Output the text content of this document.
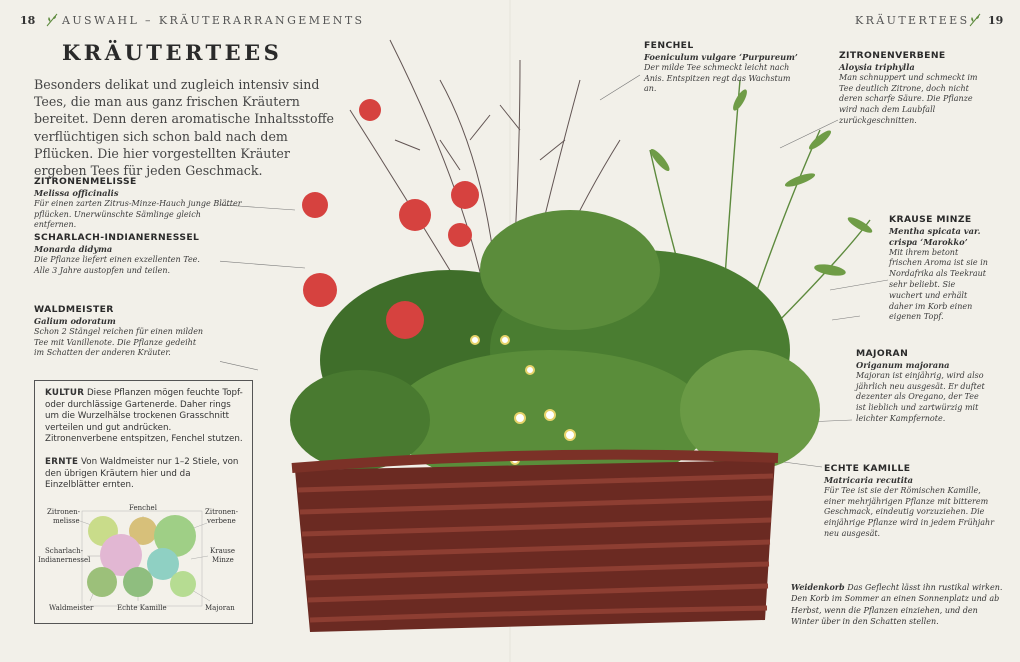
18 AUSWAHL – KRÄUTERARRANGEMENTS	KRÄUTERTEES 19
KRÄUTERTEES

Besonders delikat und zugleich intensiv sind Tees, die man aus ganz frischen Kräutern bereitet. Denn deren aromatische Inhaltsstoffe verflüchtigen sich schon bald nach dem Pflücken. Die hier vorgestellten Kräuter ergeben Tees für jeden Geschmack.

ZITRONENMELISSE
Melissa officinalis
Für einen zarten Zitrus-Minze-Hauch junge Blätter pflücken. Unerwünschte Sämlinge gleich entfernen.
SCHARLACH-INDIANERNESSEL
Monarda didyma
Die Pflanze liefert einen exzellenten Tee. Alle 3 Jahre austopfen und teilen.
WALDMEISTER
Galium odoratum
Schon 2 Stängel reichen für einen milden Tee mit Vanillenote. Die Pflanze gedeiht im Schatten der anderen Kräuter.
FENCHEL
Foeniculum vulgare ‘Purpureum’
Der milde Tee schmeckt leicht nach Anis. Entspitzen regt das Wachstum an.
ZITRONENVERBENE
Aloysia triphylla
Man schnuppert und schmeckt im Tee deutlich Zitrone, doch nicht deren scharfe Säure. Die Pflanze wird nach dem Laubfall zurückgeschnitten.
KRAUSE MINZE
Mentha spicata var. crispa ‘Marokko’
Mit ihrem betont frischen Aroma ist sie in Nordafrika als Teekraut sehr beliebt. Sie wuchert und erhält daher im Korb einen eigenen Topf.
MAJORAN
Origanum majorana
Majoran ist einjährig, wird also jährlich neu ausgesät. Er duftet dezenter als Oregano, der Tee ist lieblich und zartwürzig mit leichter Kampfernote.
ECHTE KAMILLE
Matricaria recutita
Für Tee ist sie der Römischen Kamille, einer mehrjährigen Pflanze mit bitterem Geschmack, eindeutig vorzuziehen. Die einjährige Pflanze wird in jedem Frühjahr neu ausgesät.

KULTUR Diese Pflanzen mögen feuchte Topf- oder durchlässige Gartenerde. Daher rings um die Wurzelhälse trockenen Grasschnitt verteilen und gut andrücken. Zitronenverbene entspitzen, Fenchel stutzen.

ERNTE Von Waldmeister nur 1–2 Stiele, von den übrigen Kräutern hier und da Einzelblätter ernten.

Zitronen-
melisse
Fenchel	Zitronen-
verbene
Scharlach-
Indianernessel
Krause
Minze
Waldmeister	Echte Kamille	Majoran
Weidenkorb Das Geflecht lässt ihn rustikal wirken. Den Korb im Sommer an einen Sonnenplatz und ab Herbst, wenn die Pflanzen einziehen, und den Winter über in den Schatten stellen.
